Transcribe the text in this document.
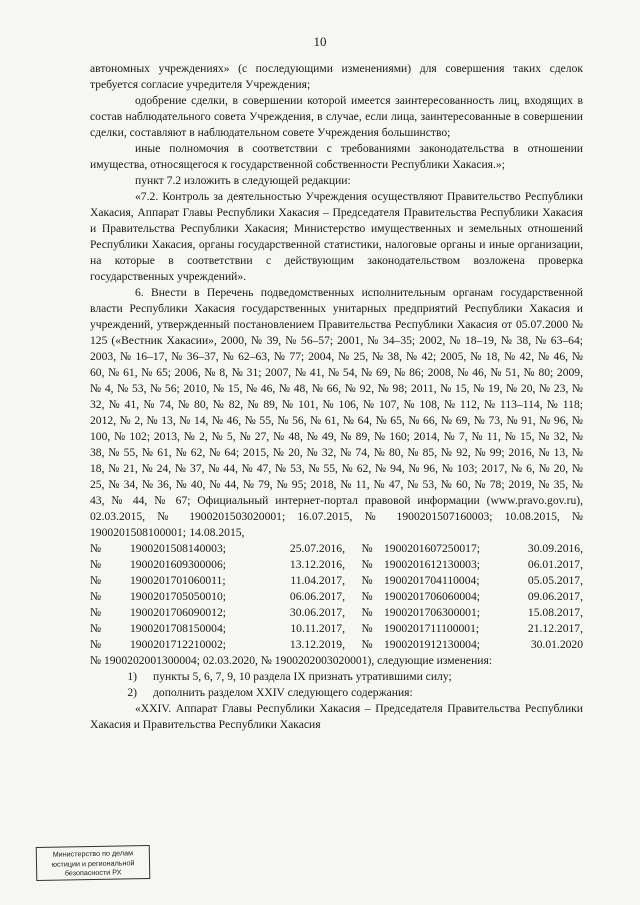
10

автономных учреждениях» (с последующими изменениями) для совершения таких сделок требуется согласие учредителя Учреждения;

одобрение сделки, в совершении которой имеется заинтересованность лиц, входящих в состав наблюдательного совета Учреждения, в случае, если лица, заинтересованные в совершении сделки, составляют в наблюдательном совете Учреждения большинство;

иные полномочия в соответствии с требованиями законодательства в отношении имущества, относящегося к государственной собственности Республики Хакасия.»;

пункт 7.2 изложить в следующей редакции:

«7.2. Контроль за деятельностью Учреждения осуществляют Правительство Республики Хакасия, Аппарат Главы Республики Хакасия – Председателя Правительства Республики Хакасия и Правительства Республики Хакасия; Министерство имущественных и земельных отношений Республики Хакасия, органы государственной статистики, налоговые органы и иные организации, на которые в соответствии с действующим законодательством возложена проверка государственных учреждений».

6. Внести в Перечень подведомственных исполнительным органам государственной власти Республики Хакасия государственных унитарных предприятий Республики Хакасия и учреждений, утвержденный постановлением Правительства Республики Хакасия от 05.07.2000 № 125 («Вестник Хакасии», 2000, № 39, № 56–57; 2001, № 34–35; 2002, № 18–19, № 38, № 63–64; 2003, № 16–17, № 36–37, № 62–63, № 77; 2004, № 25, № 38, № 42; 2005, № 18, № 42, № 46, № 60, № 61, № 65; 2006, № 8, № 31; 2007, № 41, № 54, № 69, № 86; 2008, № 46, № 51, № 80; 2009, № 4, № 53, № 56; 2010, № 15, № 46, № 48, № 66, № 92, № 98; 2011, № 15, № 19, № 20, № 23, № 32, № 41, № 74, № 80, № 82, № 89, № 101, № 106, № 107, № 108, № 112, № 113–114, № 118; 2012, № 2, № 13, № 14, № 46, № 55, № 56, № 61, № 64, № 65, № 66, № 69, № 73, № 91, № 96, № 100, № 102; 2013, № 2, № 5, № 27, № 48, № 49, № 89, № 160; 2014, № 7, № 11, № 15, № 32, № 38, № 55, № 61, № 62, № 64; 2015, № 20, № 32, № 74, № 80, № 85, № 92, № 99; 2016, № 13, № 18, № 21, № 24, № 37, № 44, № 47, № 53, № 55, № 62, № 94, № 96, № 103; 2017, № 6, № 20, № 25, № 34, № 36, № 40, № 44, № 79, № 95; 2018, № 11, № 47, № 53, № 60, № 78; 2019, № 35, № 43, № 44, № 67; Официальный интернет-портал правовой информации (www.pravo.gov.ru), 02.03.2015, № 1900201503020001; 16.07.2015, № 1900201507160003; 10.08.2015, № 1900201508100001; 14.08.2015,

№	1900201508140003;	25.07.2016,	№	1900201607250017;	30.09.2016,
№	1900201609300006;	13.12.2016,	№	1900201612130003;	06.01.2017,
№	1900201701060011;	11.04.2017,	№	1900201704110004;	05.05.2017,
№	1900201705050010;	06.06.2017,	№	1900201706060004;	09.06.2017,
№	1900201706090012;	30.06.2017,	№	1900201706300001;	15.08.2017,
№	1900201708150004;	10.11.2017,	№	1900201711100001;	21.12.2017,
№	1900201712210002;	13.12.2019,	№	1900201912130004;	30.01.2020

№ 1900202001300004; 02.03.2020, № 1900202003020001), следующие изменения:

1)	пункты 5, 6, 7, 9, 10 раздела IX признать утратившими силу;
2)	дополнить разделом XXIV следующего содержания:

«XXIV. Аппарат Главы Республики Хакасия – Председателя Правительства Республики Хакасия и Правительства Республики Хакасия

Министерство по делам
юстиции и региональной
безопасности РХ
